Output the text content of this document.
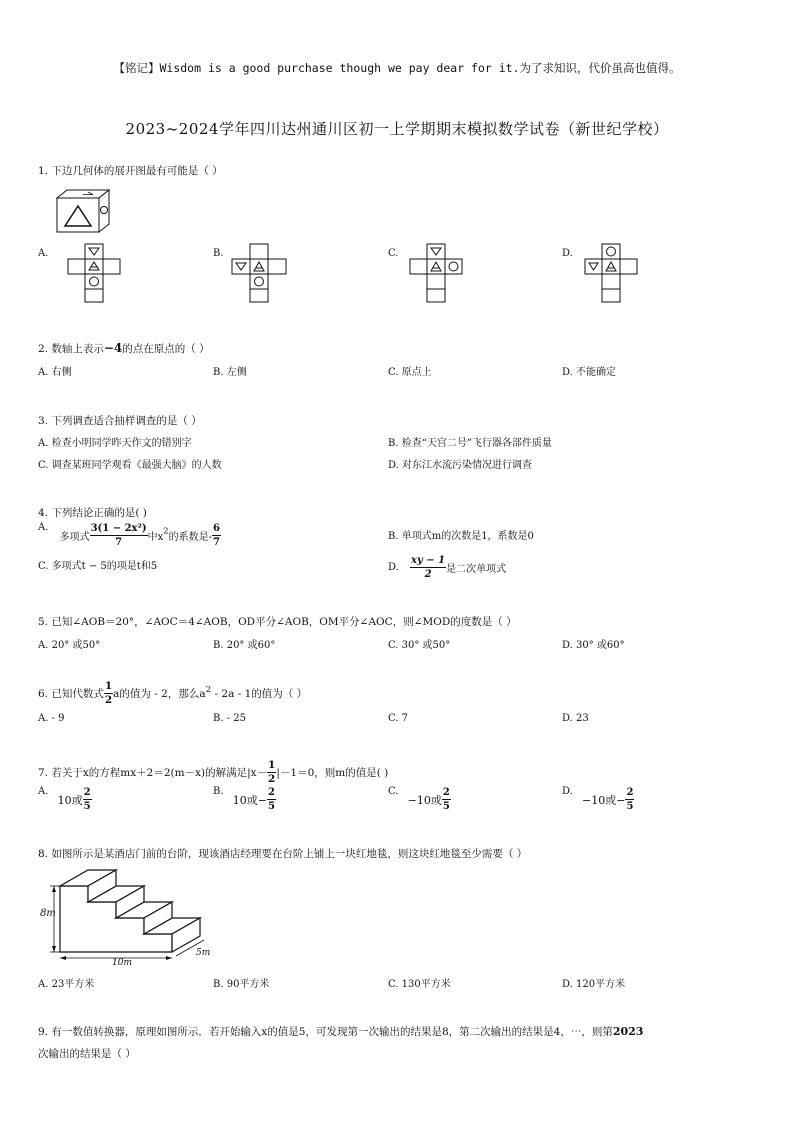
【铭记】Wisdom is a good purchase though we pay dear for it.为了求知识，代价虽高也值得。
2023~2024学年四川达州通川区初一上学期期末模拟数学试卷（新世纪学校）
1. 下边几何体的展开图最有可能是（ ）
A.	B.	C.	D.
2. 数轴上表示−4的点在原点的（ ）
A. 右侧	B. 左侧	C. 原点上	D. 不能确定
3. 下列调查适合抽样调查的是（ ）
A. 检查小明同学昨天作文的错别字	B. 检查“天宫二号”飞行器各部件质量
C. 调查某班同学观看《最强大脑》的人数	D. 对东江水流污染情况进行调查
4. 下列结论正确的是( )
A. 多项式 $\frac{\text{3(1 − 2x²)}}{7}$ 中$x^2$的系数是- $\frac{6}{7}$	B. 单项式m的次数是1，系数是0
C. 多项式t − 5的项是t和5	D. $\frac{xy - 1}{2}$ 是二次单项式
5. 已知∠AOB＝20°，∠AOC＝4∠AOB，OD平分∠AOB，OM平分∠AOC，则∠MOD的度数是（ ）
A. 20° 或50°	B. 20° 或60°	C. 30° 或50°	D. 30° 或60°
6. 已知代数式 $\frac{1}{2}$ a的值为 - 2，那么$a^2 - 2a - 1$的值为（ ）
A. - 9	B. - 25	C. 7	D. 23
7. 若关于x的方程mx＋2＝2(m－x)的解满足$|x- \frac{1}{2} |-1=0$，则m的值是( )
A. 10或 $\frac{2}{5}$	B. 10或− $\frac{2}{5}$	C. −10或 $\frac{2}{5}$	D. −10或− $\frac{2}{5}$
8. 如图所示是某酒店门前的台阶，现该酒店经理要在台阶上铺上一块红地毯，则这块红地毯至少需要（ ）
8m
10m
5m
A. 23平方米	B. 90平方米	C. 130平方米	D. 120平方米
9. 有一数值转换器，原理如图所示．若开始输入x的值是5，可发现第一次输出的结果是8，第二次输出的结果是4，⋯，则第2023
次输出的结果是（ ）
